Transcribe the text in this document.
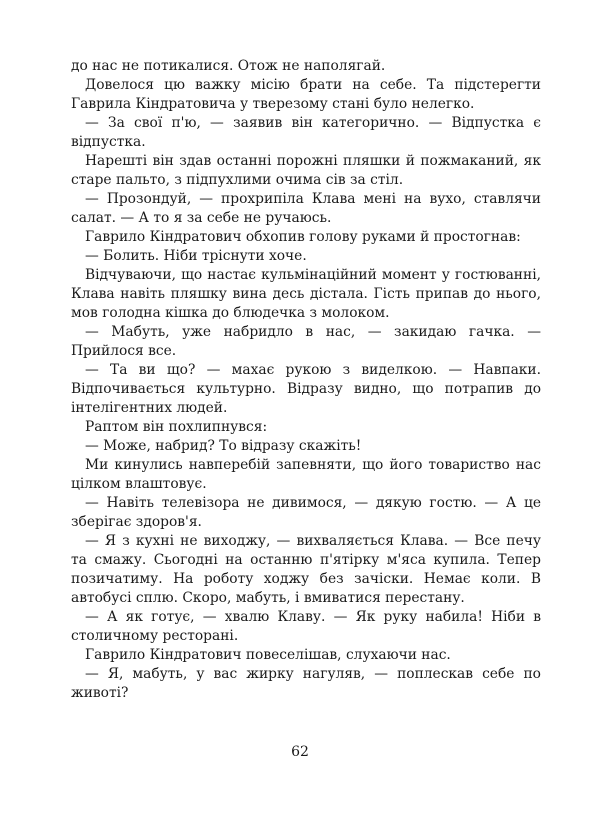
до нас не потикалися. Отож не наполягай.

Довелося цю важку місію брати на себе. Та підстерегти Гаврила Кіндратовича у тверезому стані було нелегко.

— За свої п'ю, — заявив він категорично. — Відпустка є відпустка.

Нарешті він здав останні порожні пляшки й пожмаканий, як старе пальто, з підпухлими очима сів за стіл.

— Прозондуй, — прохрипіла Клава мені на вухо, ставлячи салат. — А то я за себе не ручаюсь.

Гаврило Кіндратович обхопив голову руками й простогнав:

— Болить. Ніби тріснути хоче.

Відчуваючи, що настає кульмінаційний момент у гостюванні, Клава навіть пляшку вина десь дістала. Гість припав до нього, мов голодна кішка до блюдечка з молоком.

— Мабуть, уже набридло в нас, — закидаю гачка. — Прийлося все.

— Та ви що? — махає рукою з виделкою. — Навпаки. Відпочивається культурно. Відразу видно, що потрапив до інтелігентних людей.

Раптом він похлипнувся:

— Може, набрид? То відразу скажіть!

Ми кинулись навперебій запевняти, що його товариство нас цілком влаштовує.

— Навіть телевізора не дивимося, — дякую гостю. — А це зберігає здоров'я.

— Я з кухні не виходжу, — вихваляється Клава. — Все печу та смажу. Сьогодні на останню п'ятірку м'яса купила. Тепер позичатиму. На роботу ходжу без зачіски. Немає коли. В автобусі сплю. Скоро, мабуть, і вмиватися перестану.

— А як готує, — хвалю Клаву. — Як руку набила! Ніби в столичному ресторані.

Гаврило Кіндратович повеселішав, слухаючи нас.

— Я, мабуть, у вас жирку нагуляв, — поплескав себе по животі?

62
